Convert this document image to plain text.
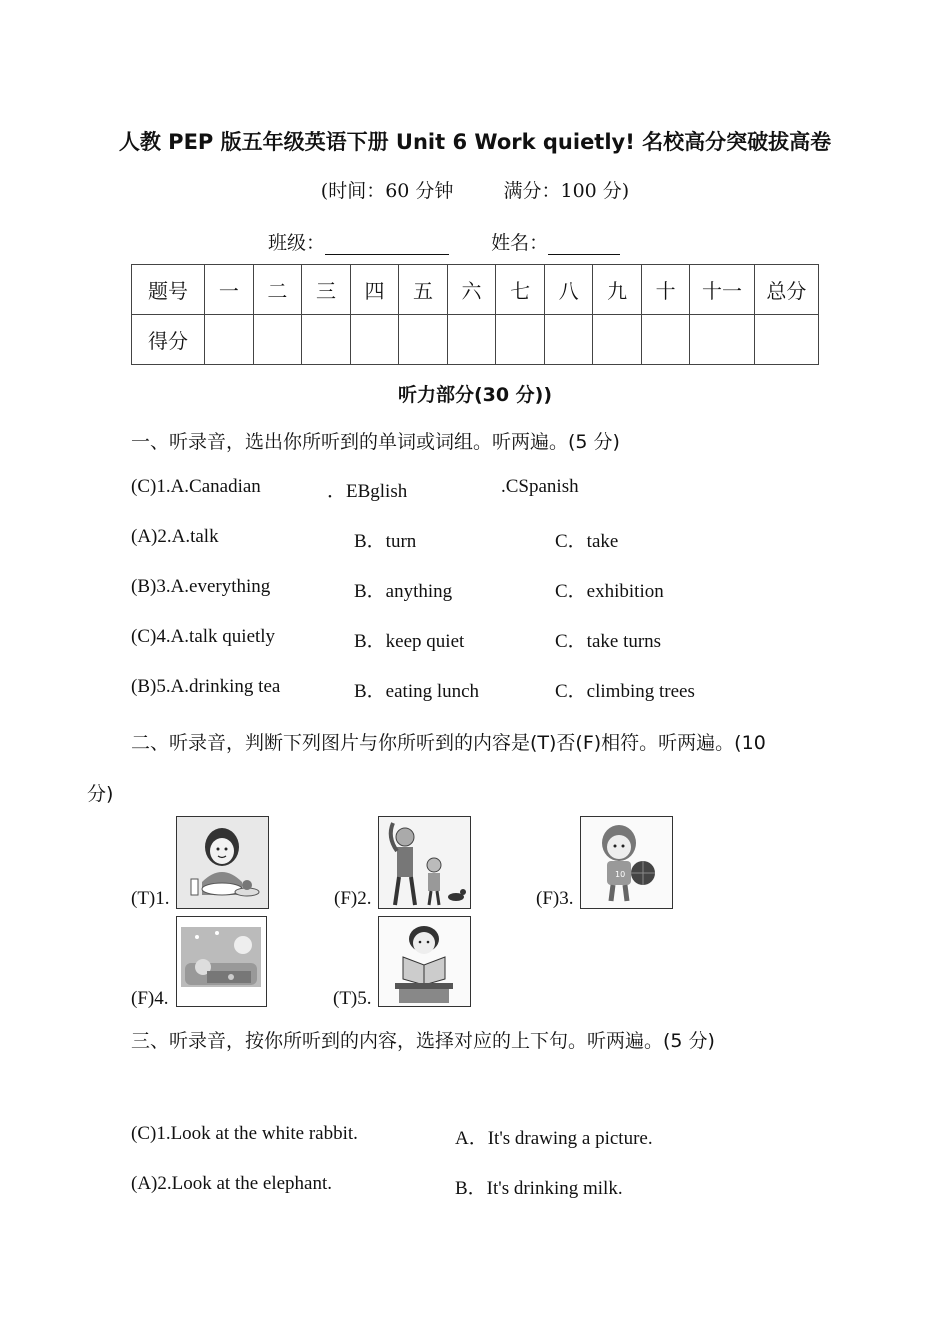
人教 PEP 版五年级英语下册 Unit 6 Work quietly! 名校高分突破拔高卷
(时间：60 分钟	满分：100 分)
班级：	姓名：
题号	一	二	三	四	五	六	七	八	九	十	十一	总分
得分												
听力部分(30 分))
一、听录音，选出你所听到的单词或词组。听两遍。(5 分)
(C)1.A.Canadian	．EBglish	.CSpanish
(A)2.A.talk	B．turn	C．take
(B)3.A.everything	B．anything	C．exhibition
(C)4.A.talk quietly	B．keep quiet	C．take turns
(B)5.A.drinking tea	B．eating lunch	C．climbing trees
二、听录音，判断下列图片与你所听到的内容是(T)否(F)相符。听两遍。(10
分)
(T)1.	(F)2.	(F)3.
10
(F)4.	(T)5.
三、听录音，按你所听到的内容，选择对应的上下句。听两遍。(5 分)
(C)1.Look at the white rabbit.	A．It's drawing a picture.
(A)2.Look at the elephant.	B．It's drinking milk.
